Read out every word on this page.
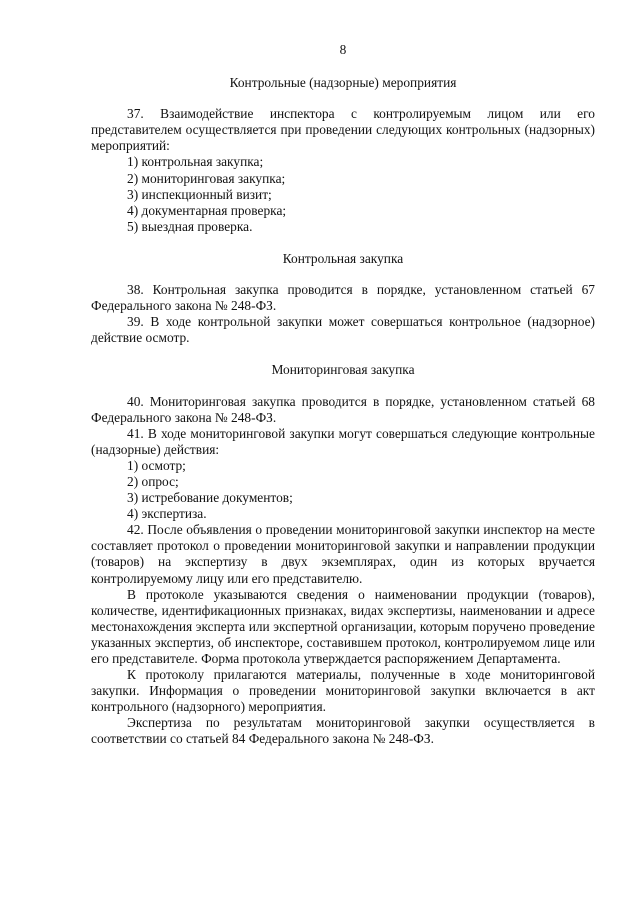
8

Контрольные (надзорные) мероприятия

37. Взаимодействие инспектора с контролируемым лицом или его представителем осуществляется при проведении следующих контрольных (надзорных) мероприятий:

1) контрольная закупка;

2) мониторинговая закупка;

3) инспекционный визит;

4) документарная проверка;

5) выездная проверка.

Контрольная закупка

38. Контрольная закупка проводится в порядке, установленном статьей 67 Федерального закона № 248-ФЗ.

39. В ходе контрольной закупки может совершаться контрольное (надзорное) действие осмотр.

Мониторинговая закупка

40. Мониторинговая закупка проводится в порядке, установленном статьей 68 Федерального закона № 248-ФЗ.

41. В ходе мониторинговой закупки могут совершаться следующие контрольные (надзорные) действия:

1) осмотр;

2) опрос;

3) истребование документов;

4) экспертиза.

42. После объявления о проведении мониторинговой закупки инспектор на месте составляет протокол о проведении мониторинговой закупки и направлении продукции (товаров) на экспертизу в двух экземплярах, один из которых вручается контролируемому лицу или его представителю.

В протоколе указываются сведения о наименовании продукции (товаров), количестве, идентификационных признаках, видах экспертизы, наименовании и адресе местонахождения эксперта или экспертной организации, которым поручено проведение указанных экспертиз, об инспекторе, составившем протокол, контролируемом лице или его представителе. Форма протокола утверждается распоряжением Департамента.

К протоколу прилагаются материалы, полученные в ходе мониторинговой закупки. Информация о проведении мониторинговой закупки включается в акт контрольного (надзорного) мероприятия.

Экспертиза по результатам мониторинговой закупки осуществляется в соответствии со статьей 84 Федерального закона № 248-ФЗ.
